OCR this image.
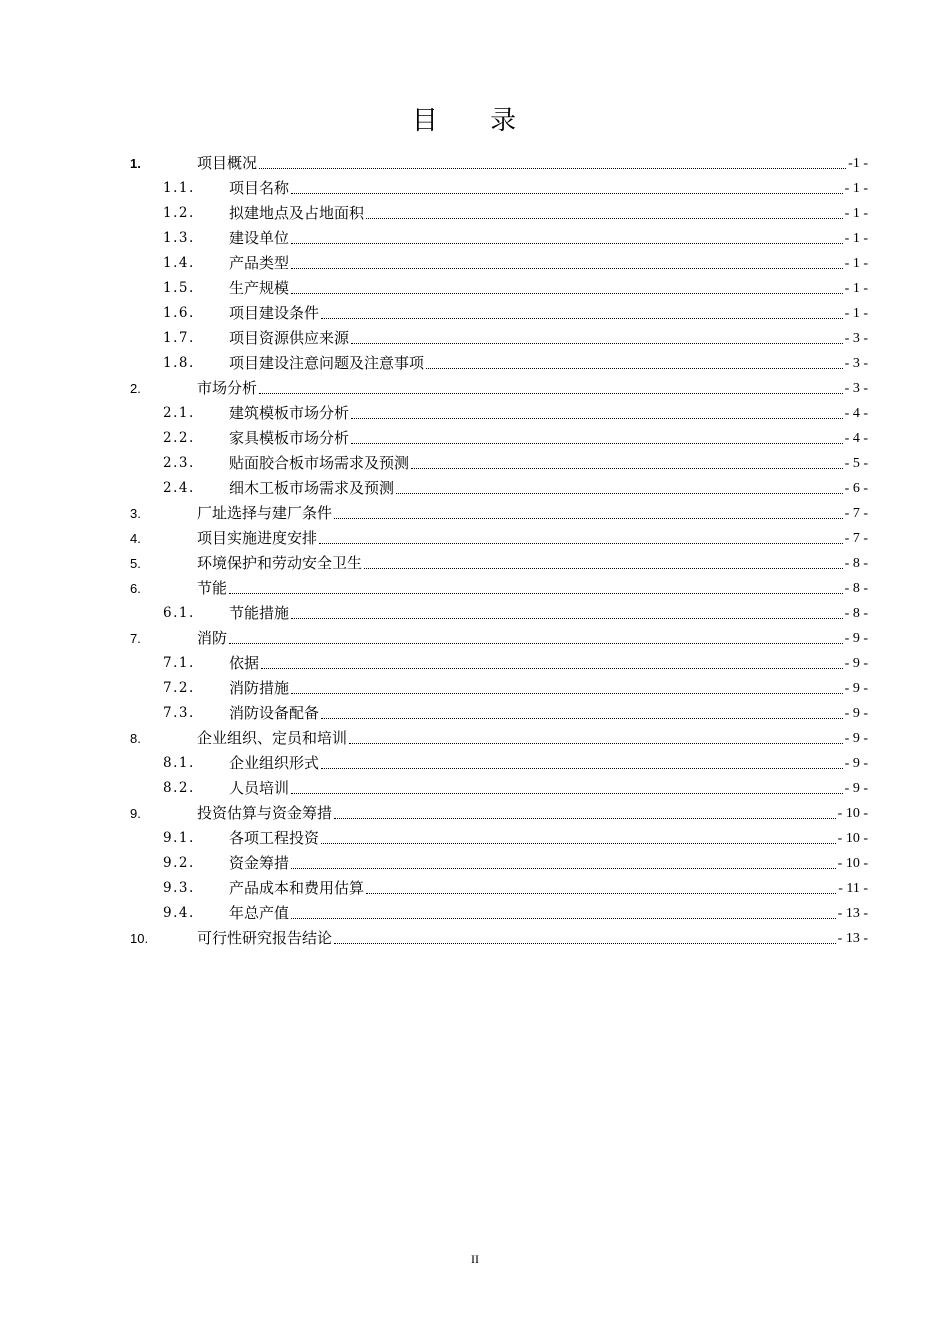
目 录
1.	项目概况	-1 -
1.1.	项目名称	- 1 -
1.2.	拟建地点及占地面积	- 1 -
1.3.	建设单位	- 1 -
1.4.	产品类型	- 1 -
1.5.	生产规模	- 1 -
1.6.	项目建设条件	- 1 -
1.7.	项目资源供应来源	- 3 -
1.8.	项目建设注意问题及注意事项	- 3 -
2.	市场分析	- 3 -
2.1.	建筑模板市场分析	- 4 -
2.2.	家具模板市场分析	- 4 -
2.3.	贴面胶合板市场需求及预测	- 5 -
2.4.	细木工板市场需求及预测	- 6 -
3.	厂址选择与建厂条件	- 7 -
4.	项目实施进度安排	- 7 -
5.	环境保护和劳动安全卫生	- 8 -
6.	节能	- 8 -
6.1.	节能措施	- 8 -
7.	消防	- 9 -
7.1.	依据	- 9 -
7.2.	消防措施	- 9 -
7.3.	消防设备配备	- 9 -
8.	企业组织、定员和培训	- 9 -
8.1.	企业组织形式	- 9 -
8.2.	人员培训	- 9 -
9.	投资估算与资金筹措	- 10 -
9.1.	各项工程投资	- 10 -
9.2.	资金筹措	- 10 -
9.3.	产品成本和费用估算	- 11 -
9.4.	年总产值	- 13 -
10.	可行性研究报告结论	- 13 -
II
